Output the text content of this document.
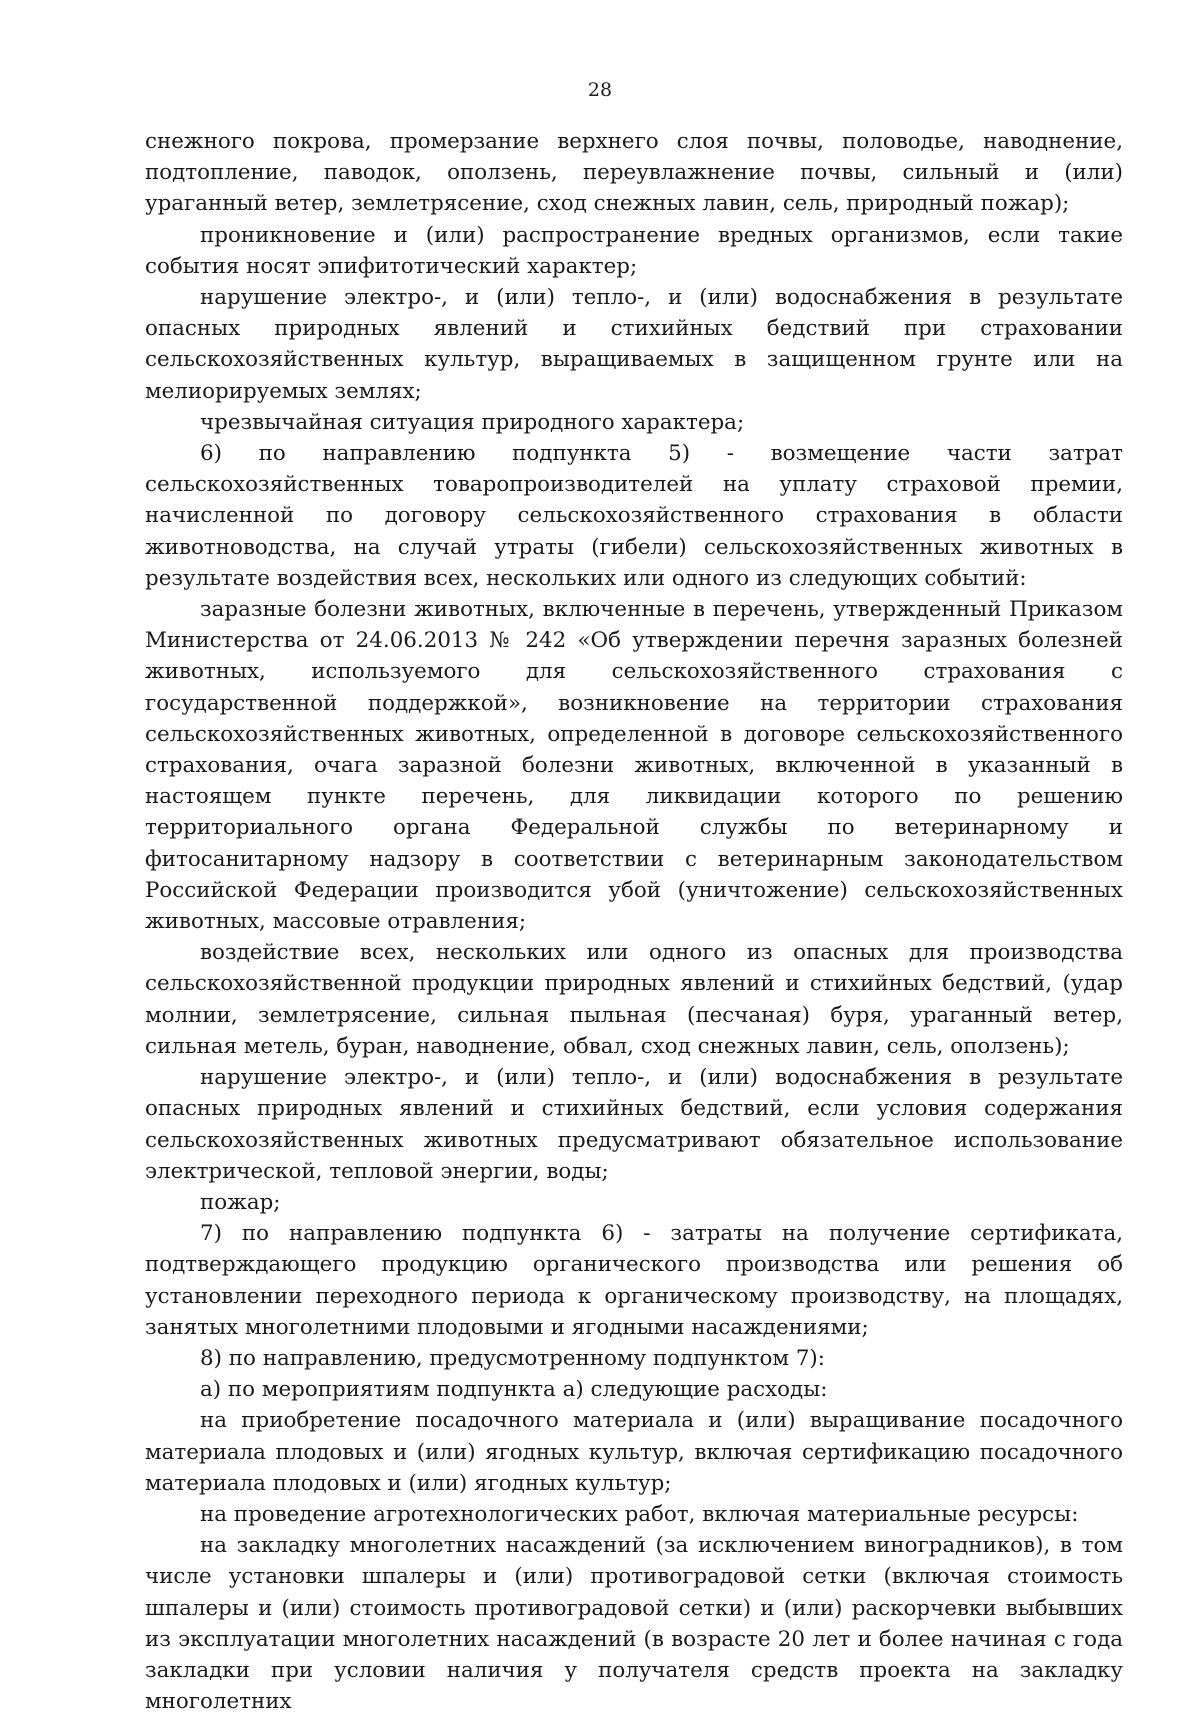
28

снежного покрова, промерзание верхнего слоя почвы, половодье, наводнение, подтопление, паводок, оползень, переувлажнение почвы, сильный и (или) ураганный ветер, землетрясение, сход снежных лавин, сель, природный пожар);

проникновение и (или) распространение вредных организмов, если такие события носят эпифитотический характер;

нарушение электро-, и (или) тепло-, и (или) водоснабжения в результате опасных природных явлений и стихийных бедствий при страховании сельскохозяйственных культур, выращиваемых в защищенном грунте или на мелиорируемых землях;

чрезвычайная ситуация природного характера;

6) по направлению подпункта 5) - возмещение части затрат сельскохозяйственных товаропроизводителей на уплату страховой премии, начисленной по договору сельскохозяйственного страхования в области животноводства, на случай утраты (гибели) сельскохозяйственных животных в результате воздействия всех, нескольких или одного из следующих событий:

заразные болезни животных, включенные в перечень, утвержденный Приказом Министерства от 24.06.2013 № 242 «Об утверждении перечня заразных болезней животных, используемого для сельскохозяйственного страхования с государственной поддержкой», возникновение на территории страхования сельскохозяйственных животных, определенной в договоре сельскохозяйственного страхования, очага заразной болезни животных, включенной в указанный в настоящем пункте перечень, для ликвидации которого по решению территориального органа Федеральной службы по ветеринарному и фитосанитарному надзору в соответствии с ветеринарным законодательством Российской Федерации производится убой (уничтожение) сельскохозяйственных животных, массовые отравления;

воздействие всех, нескольких или одного из опасных для производства сельскохозяйственной продукции природных явлений и стихийных бедствий, (удар молнии, землетрясение, сильная пыльная (песчаная) буря, ураганный ветер, сильная метель, буран, наводнение, обвал, сход снежных лавин, сель, оползень);

нарушение электро-, и (или) тепло-, и (или) водоснабжения в результате опасных природных явлений и стихийных бедствий, если условия содержания сельскохозяйственных животных предусматривают обязательное использование электрической, тепловой энергии, воды;

пожар;

7) по направлению подпункта 6) - затраты на получение сертификата, подтверждающего продукцию органического производства или решения об установлении переходного периода к органическому производству, на площадях, занятых многолетними плодовыми и ягодными насаждениями;

8) по направлению, предусмотренному подпунктом 7):

а) по мероприятиям подпункта а) следующие расходы:

на приобретение посадочного материала и (или) выращивание посадочного материала плодовых и (или) ягодных культур, включая сертификацию посадочного материала плодовых и (или) ягодных культур;

на проведение агротехнологических работ, включая материальные ресурсы:

на закладку многолетних насаждений (за исключением виноградников), в том числе установки шпалеры и (или) противоградовой сетки (включая стоимость шпалеры и (или) стоимость противоградовой сетки) и (или) раскорчевки выбывших из эксплуатации многолетних насаждений (в возрасте 20 лет и более начиная с года закладки при условии наличия у получателя средств проекта на закладку многолетних
